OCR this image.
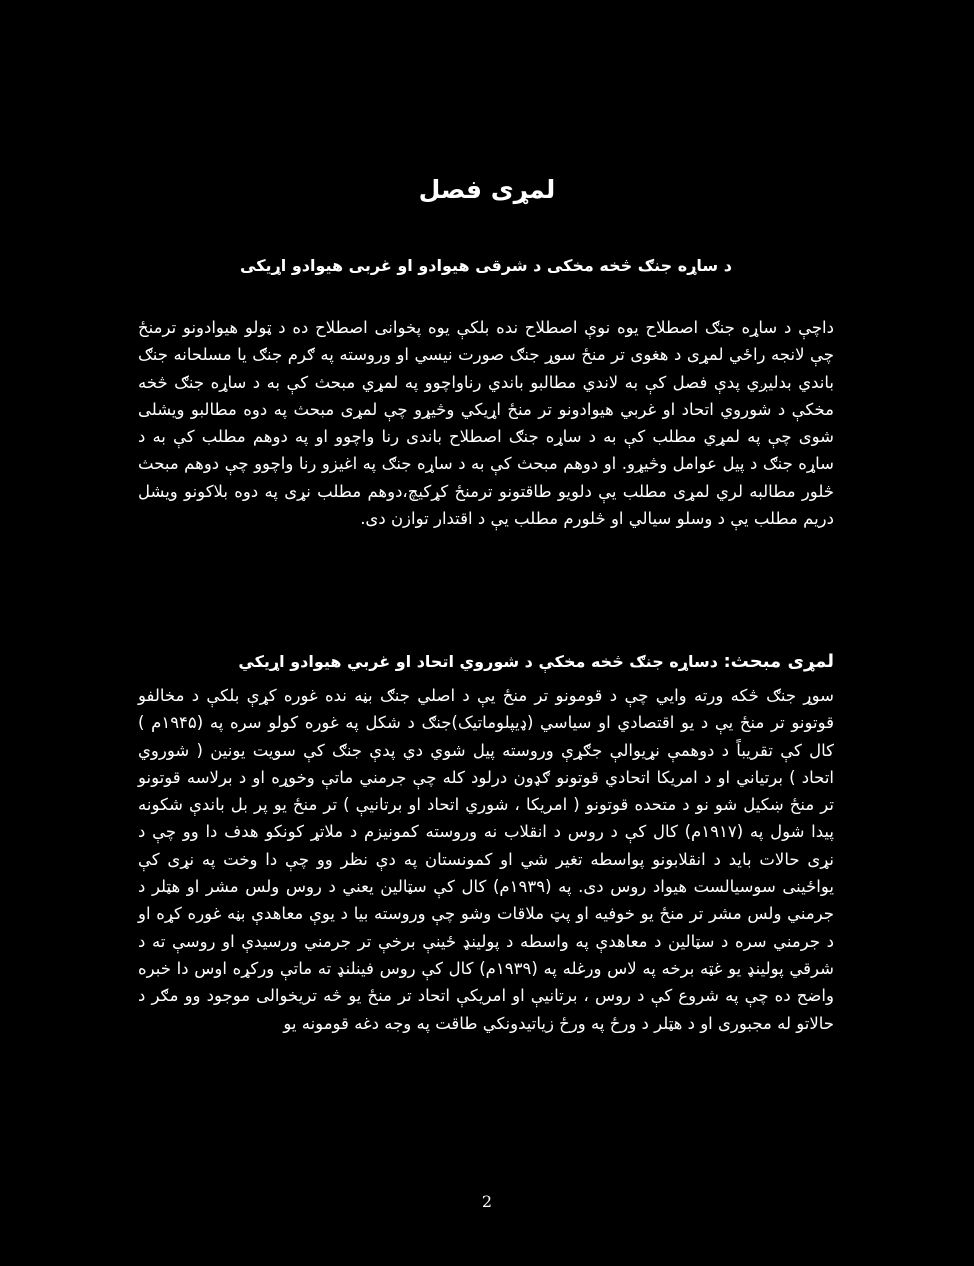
لمړی فصل
د ساړه جنګ څخه مخکی د شرقی هیوادو او غربی هیوادو اړیکی

داچې د ساړه جنګ اصطلاح یوه نوې اصطلاح نده بلکې یوه پخوانی اصطلاح ده د ټولو هیوادونو ترمنځ چې لانجه راځي لمړی د هغوی تر منځ سوړ جنګ صورت نیسي او وروسته په ګرم جنګ یا مسلحانه جنګ باندي بدلیږي پدې فصل کې به لاندي مطالبو باندي رناواچوو په لمړي مبحث کې به د ساړه جنګ څخه مخکې د شوروي اتحاد او غربي هیوادونو تر منځ اړیکي وڅیړو چې لمړی مبحث په دوه مطالبو ویشلی شوی چې په لمړي مطلب کې به د ساړه جنګ اصطلاح باندی رنا واچوو او په دوهم مطلب کې به د ساړه جنګ د پیل عوامل وڅیړو. او دوهم مبحث کې به د ساړه جنګ په اغیزو رنا واچوو چې دوهم مبحث څلور مطالبه لري لمړی مطلب یې دلویو طاقتونو ترمنځ کړکیچ،دوهم مطلب نړی په دوه بلاکونو ویشل دریم مطلب یې د وسلو سیالي او څلورم مطلب یې د اقتدار توازن دی.

لمړی مبحث: دساړه جنګ څخه مخکې د شوروي اتحاد او غربي هیوادو اړیکي

سوړ جنګ څکه ورته وایي چې د قومونو تر منځ یې د اصلي جنګ بڼه نده غوره کړې بلکې د مخالفو قوتونو تر منځ یې د یو اقتصادي او سیاسي (ډیپلوماتیک)جنګ د شکل په غوره کولو سره په (۱۹۴۵م ) کال کې تقریباً د دوهمې نړیوالې جګړې وروسته پیل شوي دي پدې جنګ کې سویت یونین ( شوروي اتحاد ) برتیاني او د امریکا اتحادي قوتونو ګډون درلود کله چې جرمني ماتې وخوړه او د برلاسه قوتونو تر منځ ښکیل شو نو د متحده قوتونو ( امریکا ، شوري اتحاد او برتانیې ) تر منځ یو پر بل باندې شکونه پیدا شول په (۱۹۱۷م) کال کې د روس د انقلاب نه وروسته کمونیزم د ملاتړ کونکو هدف دا وو چې د نړی حالات باید د انقلابونو پواسطه تغیر شي او کمونستان په دې نظر وو چې دا وخت په نړی کې یواځینی سوسیالست هیواد روس دی. په (۱۹۳۹م) کال کې سټالین یعني د روس ولس مشر او هټلر د جرمني ولس مشر تر منځ یو خوفیه او پټ ملاقات وشو چې وروسته بیا د یوې معاهدې بڼه غوره کړه او د جرمني سره د سټالین د معاهدې په واسطه د پولینډ ځینې برخې تر جرمني ورسیدې او روسې ته د شرقي پولینډ یو غټه برخه په لاس ورغله په (۱۹۳۹م) کال کې روس فینلنډ ته ماتې ورکړه اوس دا خبره واضح ده چې په شروع کې د روس ، برتانیې او امریکې اتحاد تر منځ یو څه تریخوالی موجود وو مګر د حالاتو له مجبوری او د هټلر د ورځ په ورځ زیاتیدونکي طاقت په وجه دغه قومونه یو

2
